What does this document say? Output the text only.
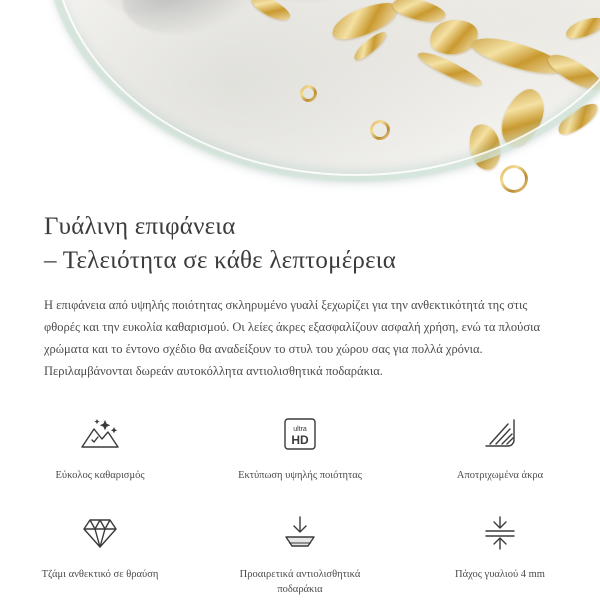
Γυάλινη επιφάνεια
– Τελειότητα σε κάθε λεπτομέρεια

Η επιφάνεια από υψηλής ποιότητας σκληρυμένο γυαλί ξεχωρίζει για την ανθεκτικότητά της στις φθορές και την ευκολία καθαρισμού. Οι λείες άκρες εξασφαλίζουν ασφαλή χρήση, ενώ τα πλούσια χρώματα και το έντονο σχέδιο θα αναδείξουν το στυλ του χώρου σας για πολλά χρόνια. Περιλαμβάνονται δωρεάν αυτοκόλλητα αντιολισθητικά ποδαράκια.

Εύκολος καθαρισμός
ultra
HD
Εκτύπωση υψηλής ποιότητας	Αποτριχωμένα άκρα
Τζάμι ανθεκτικό σε θραύση	Προαιρετικά αντιολισθητικά ποδαράκια
Πάχος γυαλιού 4 mm
